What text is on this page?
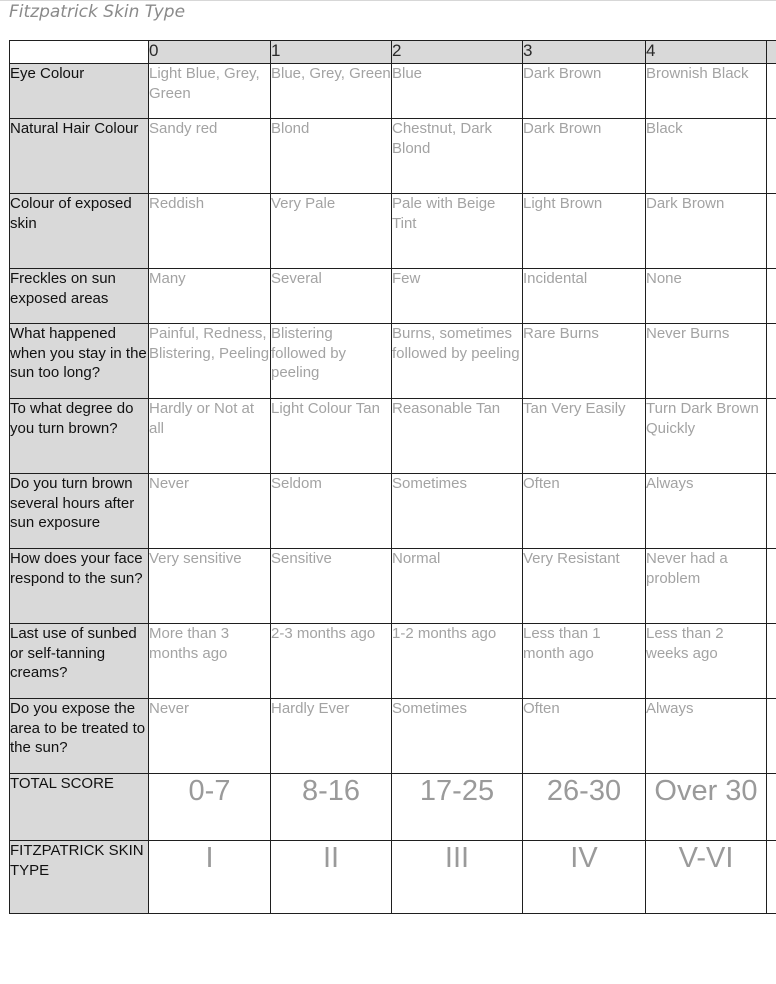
Fitzpatrick Skin Type
	0	1	2	3	4	
Eye Colour	Light Blue, Grey, Green	Blue, Grey, Green	Blue	Dark Brown	Brownish Black	
Natural Hair Colour	Sandy red	Blond	Chestnut, Dark Blond	Dark Brown	Black	
Colour of exposed skin	Reddish	Very Pale	Pale with Beige Tint	Light Brown	Dark Brown	
Freckles on sun exposed areas	Many	Several	Few	Incidental	None	
What happened when you stay in the sun too long?	Painful, Redness, Blistering, Peeling	Blistering followed by peeling	Burns, sometimes followed by peeling	Rare Burns	Never Burns	
To what degree do you turn brown?	Hardly or Not at all	Light Colour Tan	Reasonable Tan	Tan Very Easily	Turn Dark Brown Quickly	
Do you turn brown several hours after sun exposure	Never	Seldom	Sometimes	Often	Always	
How does your face respond to the sun?	Very sensitive	Sensitive	Normal	Very Resistant	Never had a problem	
Last use of sunbed or self-tanning creams?	More than 3 months ago	2-3 months ago	1-2 months ago	Less than 1 month ago	Less than 2 weeks ago	
Do you expose the area to be treated to the sun?	Never	Hardly Ever	Sometimes	Often	Always	
TOTAL SCORE	0-7	8-16	17-25	26-30	Over 30	
FITZPATRICK SKIN TYPE	I	II	III	IV	V-VI	
